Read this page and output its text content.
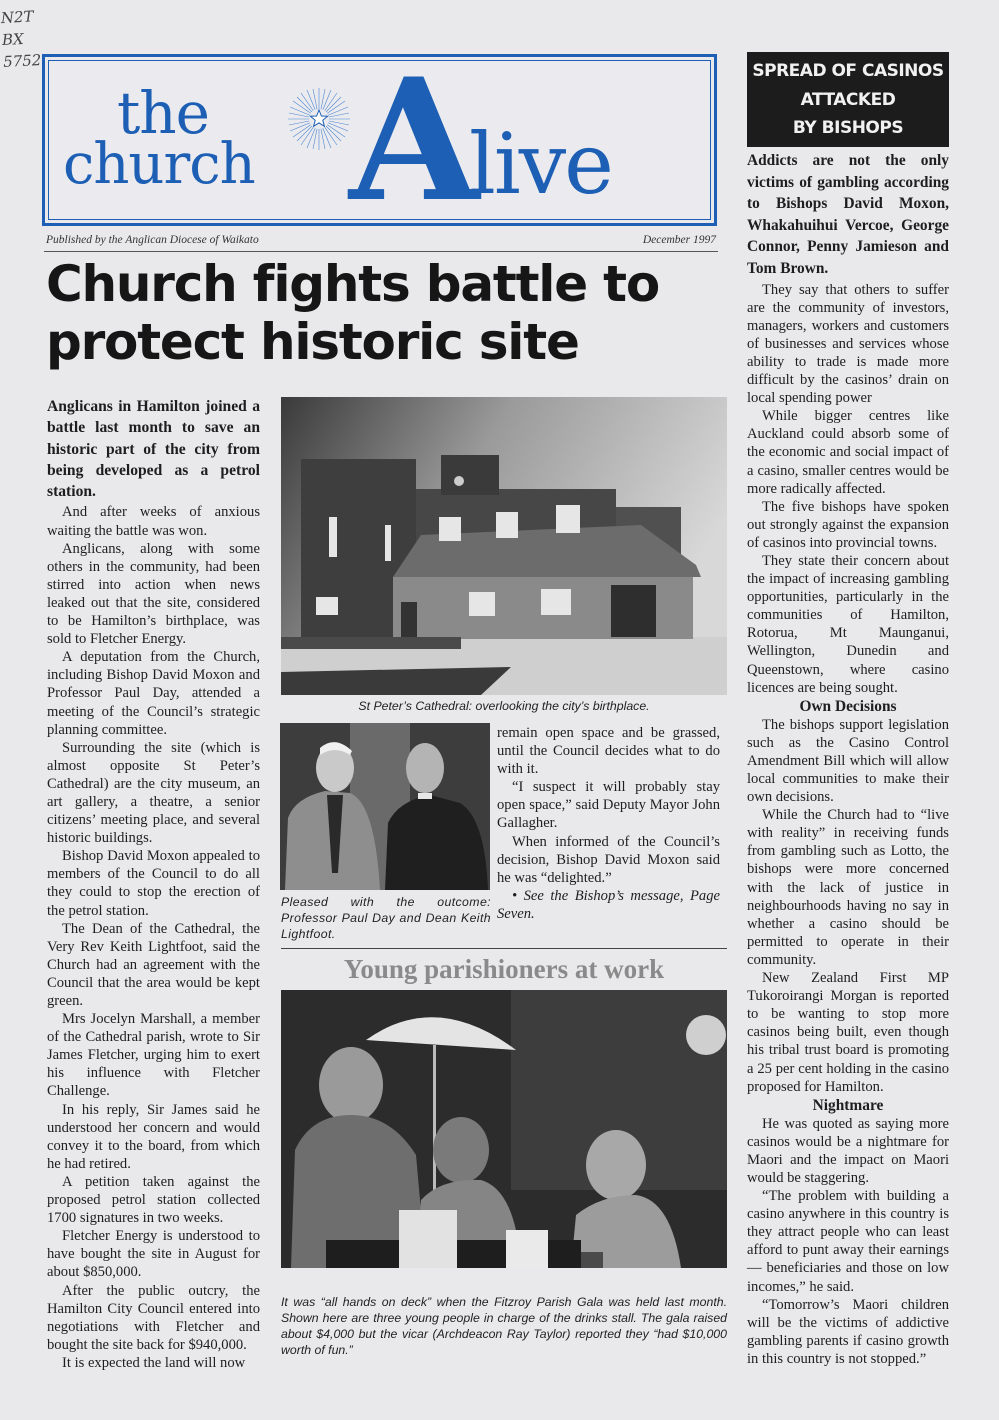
N2T
BX
5752
the
church A
live
Published by the Anglican Diocese of Waikato	December 1997
Church fights battle to protect historic site

Anglicans in Hamilton joined a battle last month to save an historic part of the city from being developed as a petrol station.

And after weeks of anxious waiting the battle was won.

Anglicans, along with some others in the community, had been stirred into action when news leaked out that the site, considered to be Hamilton’s birthplace, was sold to Fletcher Energy.

A deputation from the Church, including Bishop David Moxon and Professor Paul Day, attended a meeting of the Council’s strategic planning committee.

Surrounding the site (which is almost opposite St Peter’s Cathedral) are the city museum, an art gallery, a theatre, a senior citizens’ meeting place, and several historic buildings.

Bishop David Moxon appealed to members of the Council to do all they could to stop the erection of the petrol station.

The Dean of the Cathedral, the Very Rev Keith Lightfoot, said the Church had an agreement with the Council that the area would be kept green.

Mrs Jocelyn Marshall, a member of the Cathedral parish, wrote to Sir James Fletcher, urging him to exert his influence with Fletcher Challenge.

In his reply, Sir James said he understood her concern and would convey it to the board, from which he had retired.

A petition taken against the proposed petrol station collected 1700 signatures in two weeks.

Fletcher Energy is understood to have bought the site in August for about $850,000.

After the public outcry, the Hamilton City Council entered into negotiations with Fletcher and bought the site back for $940,000.

It is expected the land will now

St Peter’s Cathedral: overlooking the city’s birthplace.
Pleased with the outcome: Professor Paul Day and Dean Keith Lightfoot.

remain open space and be grassed, until the Council decides what to do with it.

“I suspect it will probably stay open space,” said Deputy Mayor John Gallagher.

When informed of the Council’s decision, Bishop David Moxon said he was “delighted.”

• See the Bishop’s message, Page Seven.

Young parishioners at work
It was “all hands on deck” when the Fitzroy Parish Gala was held last month. Shown here are three young people in charge of the drinks stall. The gala raised about $4,000 but the vicar (Archdeacon Ray Taylor) reported they “had $10,000 worth of fun.”
SPREAD OF CASINOS
ATTACKED
BY BISHOPS

Addicts are not the only victims of gambling according to Bishops David Moxon, Whakahuihui Vercoe, George Connor, Penny Jamieson and Tom Brown.

They say that others to suffer are the community of investors, managers, workers and customers of businesses and services whose ability to trade is made more difficult by the casinos’ drain on local spending power

While bigger centres like Auckland could absorb some of the economic and social impact of a casino, smaller centres would be more radically affected.

The five bishops have spoken out strongly against the expansion of casinos into provincial towns.

They state their concern about the impact of increasing gambling opportunities, particularly in the communities of Hamilton, Rotorua, Mt Maunganui, Wellington, Dunedin and Queenstown, where casino licences are being sought.

Own Decisions

The bishops support legislation such as the Casino Control Amendment Bill which will allow local communities to make their own decisions.

While the Church had to “live with reality” in receiving funds from gambling such as Lotto, the bishops were more concerned with the lack of justice in neighbourhoods having no say in whether a casino should be permitted to operate in their community.

New Zealand First MP Tukoroirangi Morgan is reported to be wanting to stop more casinos being built, even though his tribal trust board is promoting a 25 per cent holding in the casino proposed for Hamilton.

Nightmare

He was quoted as saying more casinos would be a nightmare for Maori and the impact on Maori would be staggering.

“The problem with building a casino anywhere in this country is they attract people who can least afford to punt away their earnings — beneficiaries and those on low incomes,” he said.

“Tomorrow’s Maori children will be the victims of addictive gambling parents if casino growth in this country is not stopped.”
